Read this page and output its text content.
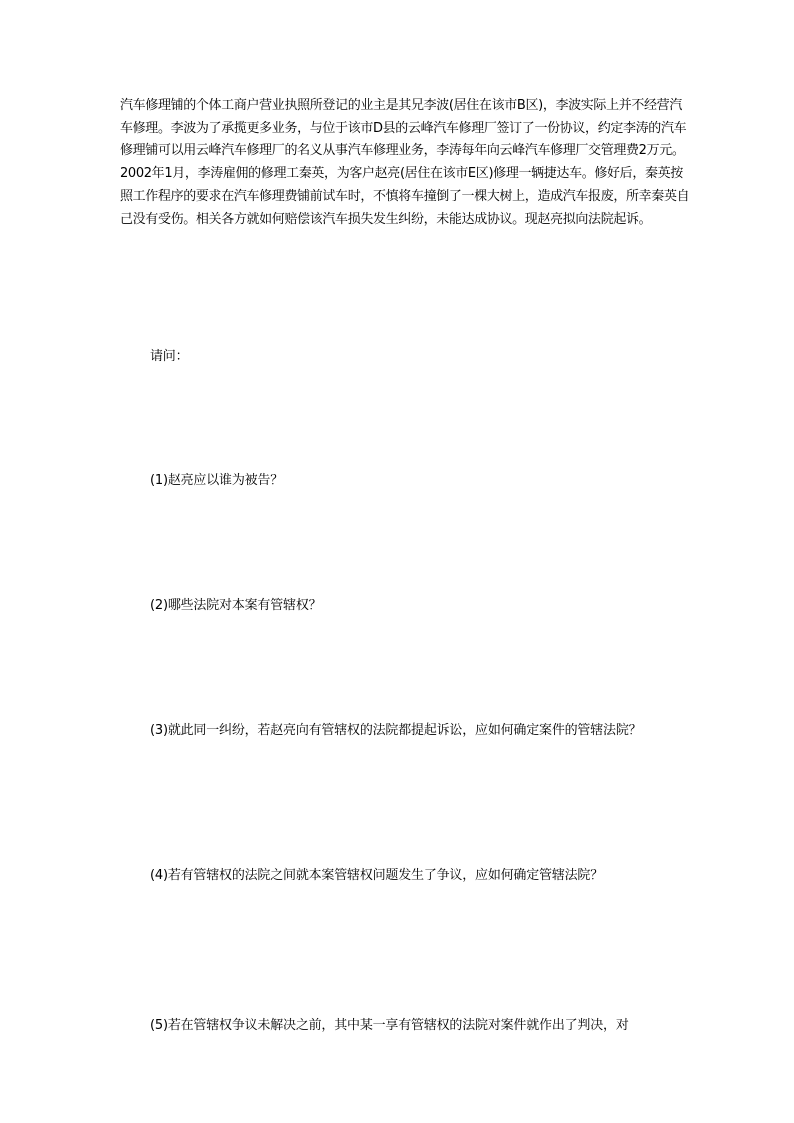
汽车修理铺的个体工商户营业执照所登记的业主是其兄李波(居住在该市B区)，李波实际上并不经营汽车修理。李波为了承揽更多业务，与位于该市D县的云峰汽车修理厂签订了一份协议，约定李涛的汽车修理铺可以用云峰汽车修理厂的名义从事汽车修理业务，李涛每年向云峰汽车修理厂交管理费2万元。2002年1月，李涛雇佣的修理工秦英，为客户赵亮(居住在该市E区)修理一辆捷达车。修好后，秦英按照工作程序的要求在汽车修理费铺前试车时，不慎将车撞倒了一棵大树上，造成汽车报废，所幸秦英自己没有受伤。相关各方就如何赔偿该汽车损失发生纠纷，未能达成协议。现赵亮拟向法院起诉。

请问：

(1)赵亮应以谁为被告？

(2)哪些法院对本案有管辖权？

(3)就此同一纠纷，若赵亮向有管辖权的法院都提起诉讼，应如何确定案件的管辖法院？

(4)若有管辖权的法院之间就本案管辖权问题发生了争议，应如何确定管辖法院？

(5)若在管辖权争议未解决之前，其中某一享有管辖权的法院对案件就作出了判决，对
